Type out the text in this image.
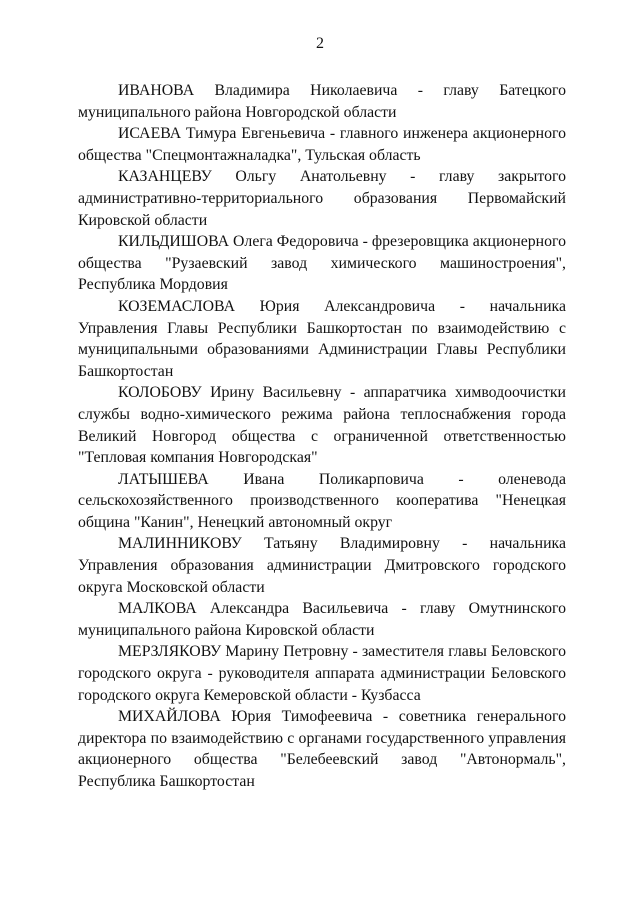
2

ИВАНОВА Владимира Николаевича - главу Батецкого муниципального района Новгородской области

ИСАЕВА Тимура Евгеньевича - главного инженера акционерного общества "Спецмонтажналадка", Тульская область

КАЗАНЦЕВУ Ольгу Анатольевну - главу закрытого административно-территориального образования Первомайский Кировской области

КИЛЬДИШОВА Олега Федоровича - фрезеровщика акционерного общества "Рузаевский завод химического машиностроения", Республика Мордовия

КОЗЕМАСЛОВА Юрия Александровича - начальника Управления Главы Республики Башкортостан по взаимодействию с муниципальными образованиями Администрации Главы Республики Башкортостан

КОЛОБОВУ Ирину Васильевну - аппаратчика химводоочистки службы водно-химического режима района теплоснабжения города Великий Новгород общества с ограниченной ответственностью "Тепловая компания Новгородская"

ЛАТЫШЕВА Ивана Поликарповича - оленевода сельскохозяйственного производственного кооператива "Ненецкая община "Канин", Ненецкий автономный округ

МАЛИННИКОВУ Татьяну Владимировну - начальника Управления образования администрации Дмитровского городского округа Московской области

МАЛКОВА Александра Васильевича - главу Омутнинского муниципального района Кировской области

МЕРЗЛЯКОВУ Марину Петровну - заместителя главы Беловского городского округа - руководителя аппарата администрации Беловского городского округа Кемеровской области - Кузбасса

МИХАЙЛОВА Юрия Тимофеевича - советника генерального директора по взаимодействию с органами государственного управления акционерного общества "Белебеевский завод "Автонормаль", Республика Башкортостан
